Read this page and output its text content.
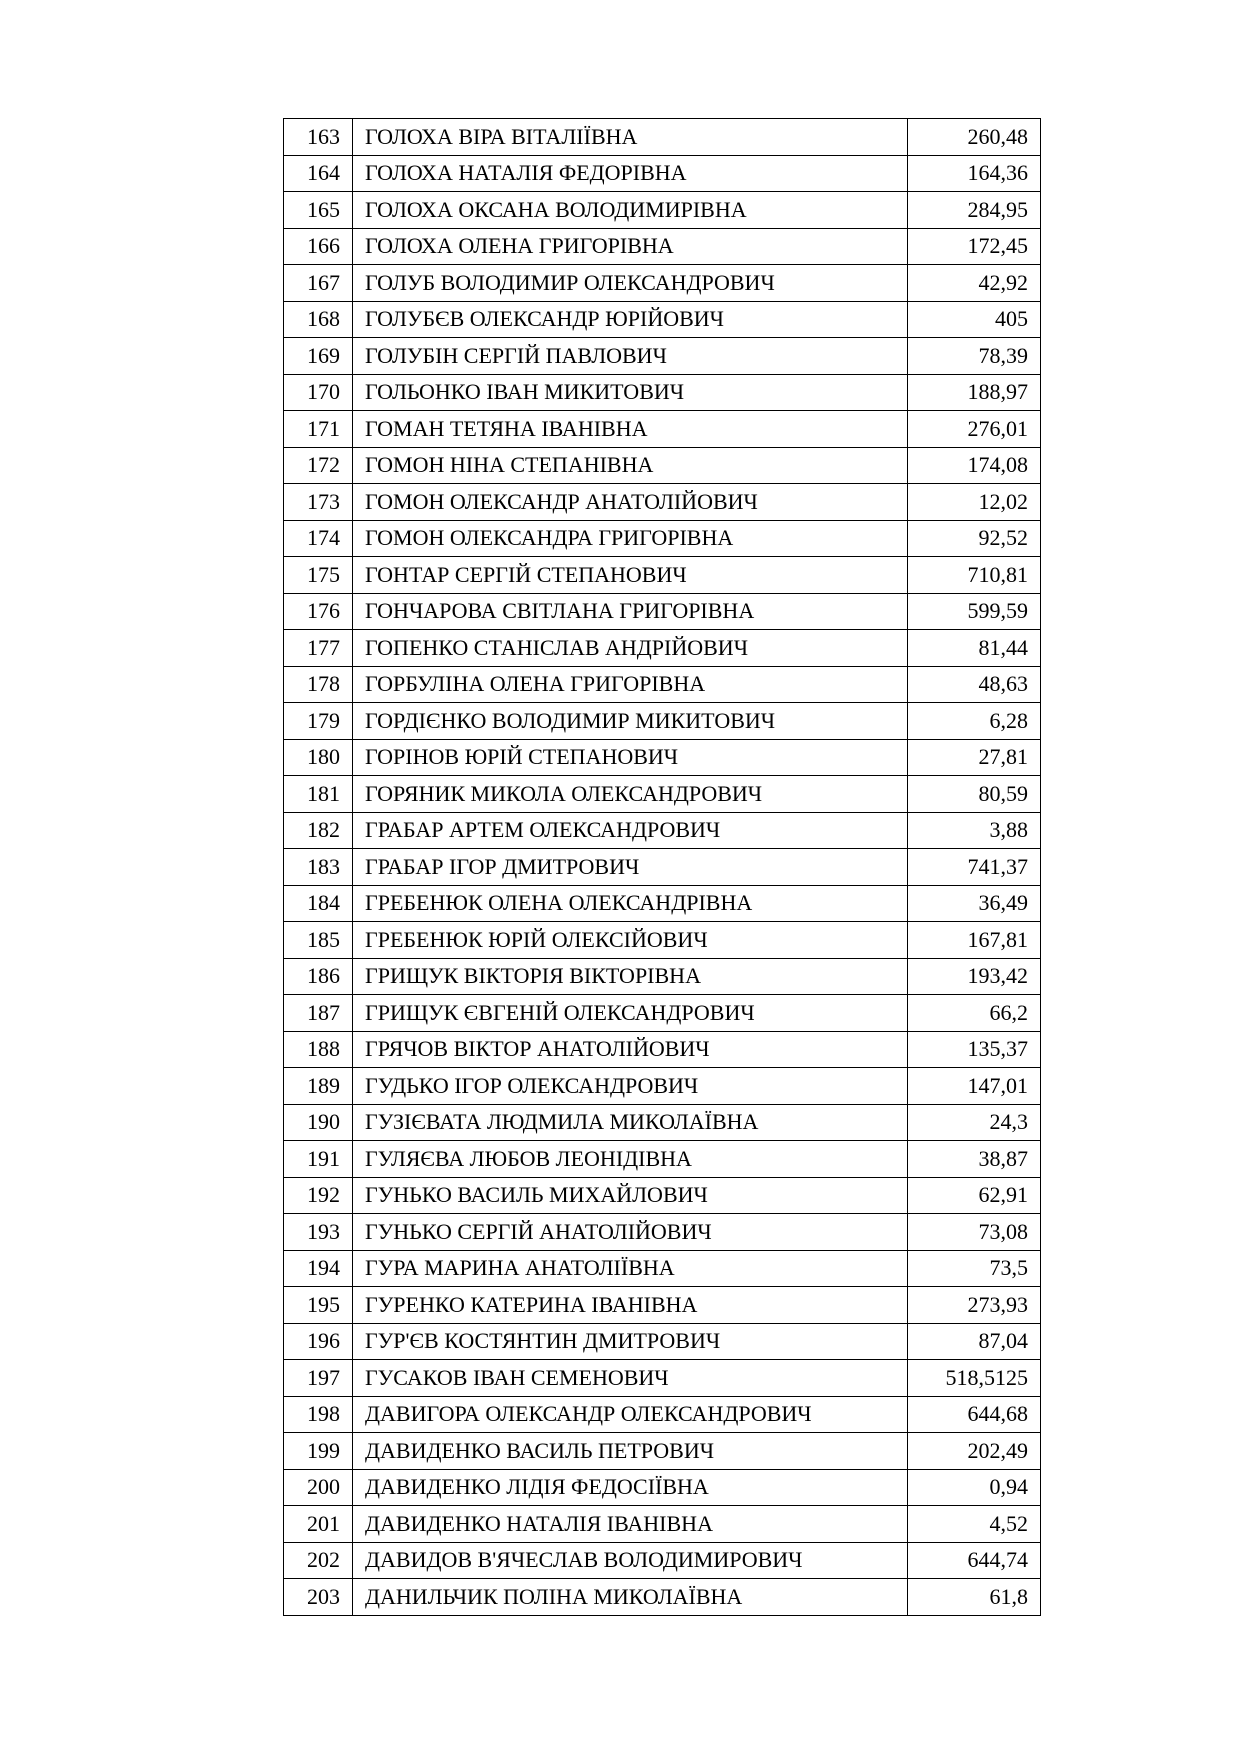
163	ГОЛОХА ВІРА ВІТАЛІЇВНА	260,48
164	ГОЛОХА НАТАЛІЯ ФЕДОРІВНА	164,36
165	ГОЛОХА ОКСАНА ВОЛОДИМИРІВНА	284,95
166	ГОЛОХА ОЛЕНА ГРИГОРІВНА	172,45
167	ГОЛУБ ВОЛОДИМИР ОЛЕКСАНДРОВИЧ	42,92
168	ГОЛУБЄВ ОЛЕКСАНДР ЮРІЙОВИЧ	405
169	ГОЛУБІН СЕРГІЙ ПАВЛОВИЧ	78,39
170	ГОЛЬОНКО ІВАН МИКИТОВИЧ	188,97
171	ГОМАН ТЕТЯНА ІВАНІВНА	276,01
172	ГОМОН НІНА СТЕПАНІВНА	174,08
173	ГОМОН ОЛЕКСАНДР АНАТОЛІЙОВИЧ	12,02
174	ГОМОН ОЛЕКСАНДРА ГРИГОРІВНА	92,52
175	ГОНТАР СЕРГІЙ СТЕПАНОВИЧ	710,81
176	ГОНЧАРОВА СВІТЛАНА ГРИГОРІВНА	599,59
177	ГОПЕНКО СТАНІСЛАВ АНДРІЙОВИЧ	81,44
178	ГОРБУЛІНА ОЛЕНА ГРИГОРІВНА	48,63
179	ГОРДІЄНКО ВОЛОДИМИР МИКИТОВИЧ	6,28
180	ГОРІНОВ ЮРІЙ СТЕПАНОВИЧ	27,81
181	ГОРЯНИК МИКОЛА ОЛЕКСАНДРОВИЧ	80,59
182	ГРАБАР АРТЕМ ОЛЕКСАНДРОВИЧ	3,88
183	ГРАБАР ІГОР ДМИТРОВИЧ	741,37
184	ГРЕБЕНЮК ОЛЕНА ОЛЕКСАНДРІВНА	36,49
185	ГРЕБЕНЮК ЮРІЙ ОЛЕКСІЙОВИЧ	167,81
186	ГРИЩУК ВІКТОРІЯ ВІКТОРІВНА	193,42
187	ГРИЩУК ЄВГЕНІЙ ОЛЕКСАНДРОВИЧ	66,2
188	ГРЯЧОВ ВІКТОР АНАТОЛІЙОВИЧ	135,37
189	ГУДЬКО ІГОР ОЛЕКСАНДРОВИЧ	147,01
190	ГУЗІЄВАТА ЛЮДМИЛА МИКОЛАЇВНА	24,3
191	ГУЛЯЄВА ЛЮБОВ ЛЕОНІДІВНА	38,87
192	ГУНЬКО ВАСИЛЬ МИХАЙЛОВИЧ	62,91
193	ГУНЬКО СЕРГІЙ АНАТОЛІЙОВИЧ	73,08
194	ГУРА МАРИНА АНАТОЛІЇВНА	73,5
195	ГУРЕНКО КАТЕРИНА ІВАНІВНА	273,93
196	ГУР'ЄВ КОСТЯНТИН ДМИТРОВИЧ	87,04
197	ГУСАКОВ ІВАН СЕМЕНОВИЧ	518,5125
198	ДАВИГОРА ОЛЕКСАНДР ОЛЕКСАНДРОВИЧ	644,68
199	ДАВИДЕНКО ВАСИЛЬ ПЕТРОВИЧ	202,49
200	ДАВИДЕНКО ЛІДІЯ ФЕДОСІЇВНА	0,94
201	ДАВИДЕНКО НАТАЛІЯ ІВАНІВНА	4,52
202	ДАВИДОВ В'ЯЧЕСЛАВ ВОЛОДИМИРОВИЧ	644,74
203	ДАНИЛЬЧИК ПОЛІНА МИКОЛАЇВНА	61,8
